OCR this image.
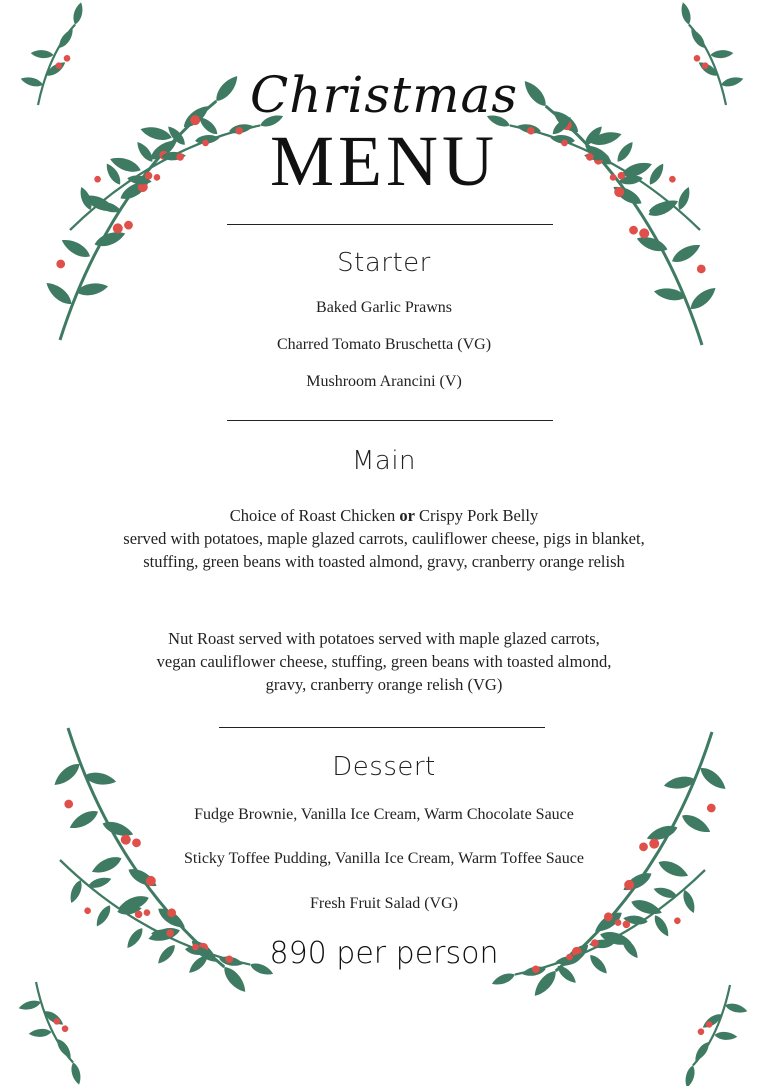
Christmas
MENU
Starter
Baked Garlic Prawns
Charred Tomato Bruschetta (VG)
Mushroom Arancini (V)
Main
Choice of Roast Chicken or Crispy Pork Belly
served with potatoes, maple glazed carrots, cauliflower cheese, pigs in blanket, stuffing, green beans with toasted almond, gravy, cranberry orange relish
Nut Roast served with potatoes served with maple glazed carrots, vegan cauliflower cheese, stuffing, green beans with toasted almond, gravy, cranberry orange relish (VG)
Dessert
Fudge Brownie, Vanilla Ice Cream, Warm Chocolate Sauce
Sticky Toffee Pudding, Vanilla Ice Cream, Warm Toffee Sauce
Fresh Fruit Salad (VG)
890 per person
